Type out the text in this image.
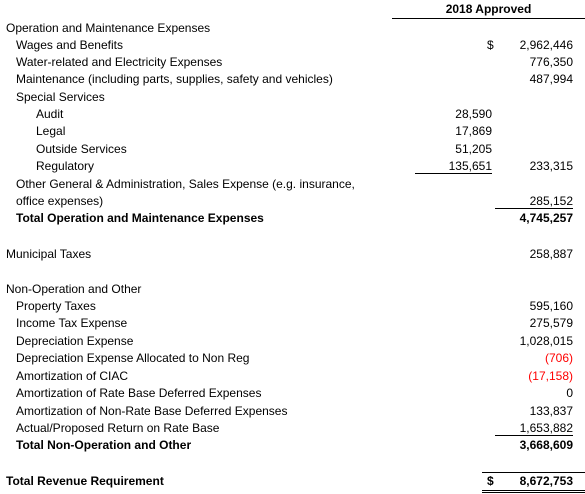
2018 Approved
Operation and Maintenance Expenses
Wages and Benefits	$	2,962,446
Water-related and Electricity Expenses	776,350
Maintenance (including parts, supplies, safety and vehicles)	487,994
Special Services
Audit	28,590
Legal	17,869
Outside Services	51,205
Regulatory	135,651	233,315
Other General & Administration, Sales Expense (e.g. insurance,
office expenses)	285,152
Total Operation and Maintenance Expenses	4,745,257
Municipal Taxes	258,887
Non-Operation and Other
Property Taxes	595,160
Income Tax Expense	275,579
Depreciation Expense	1,028,015
Depreciation Expense Allocated to Non Reg	(706)
Amortization of CIAC	(17,158)
Amortization of Rate Base Deferred Expenses	0
Amortization of Non-Rate Base Deferred Expenses	133,837
Actual/Proposed Return on Rate Base	1,653,882
Total Non-Operation and Other	3,668,609
Total Revenue Requirement	$	8,672,753
